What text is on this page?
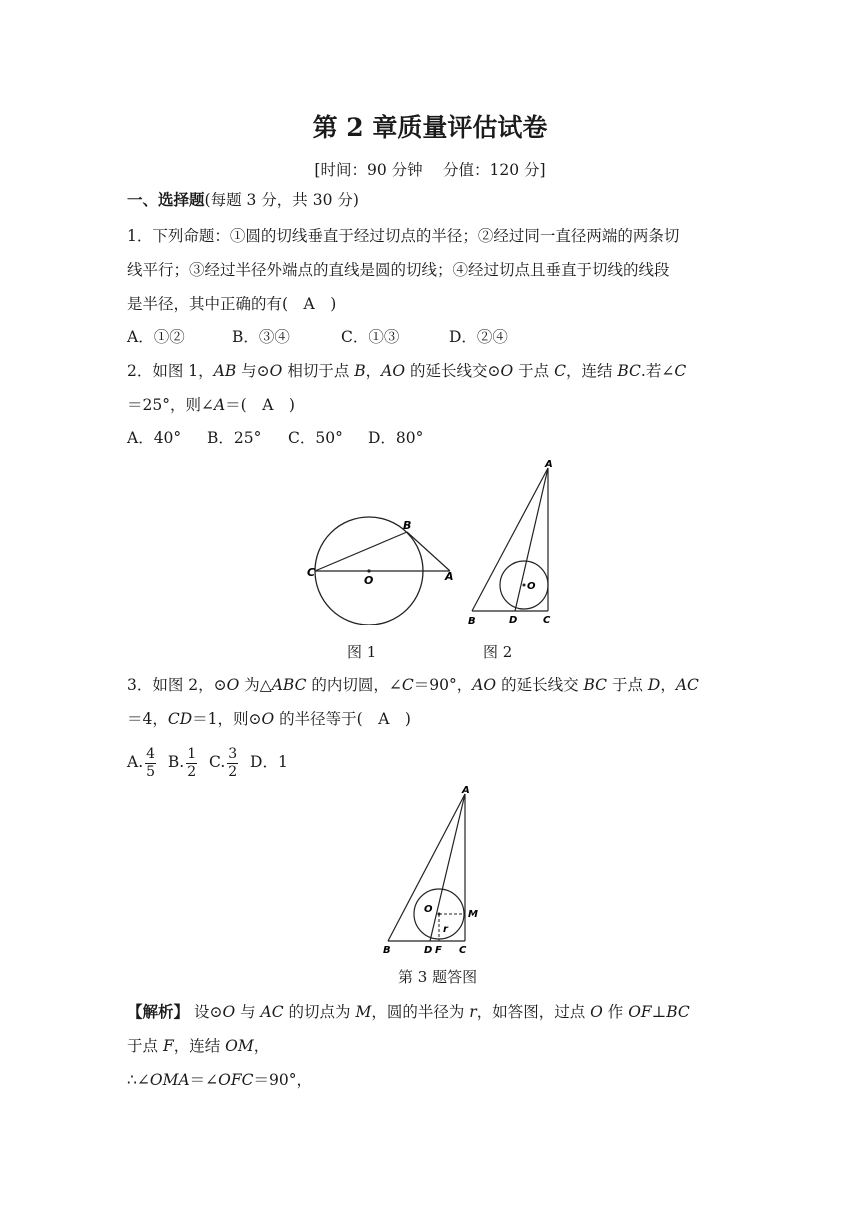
第 2 章质量评估试卷
[时间：90 分钟　 分值：120 分]
一、选择题(每题 3 分，共 30 分)
1．下列命题：①圆的切线垂直于经过切点的半径；②经过同一直径两端的两条切
线平行；③经过半径外端点的直线是圆的切线；④经过切点且垂直于切线的线段
是半径，其中正确的有(　A　)
A．①②	B．③④	C．①③	D．②④
2．如图 1，AB 与⊙O 相切于点 B，AO 的延长线交⊙O 于点 C，连结 BC.若∠C
＝25°，则∠A＝(　A　)
A．40° B．25° C．50° D．80°
B
C
O	A
A
O
B	D	C
图 1	图 2
3．如图 2，⊙O 为△ABC 的内切圆，∠C＝90°，AO 的延长线交 BC 于点 D，AC
＝4，CD＝1，则⊙O 的半径等于(　A　)
A. $\frac{4}{5} B$. $\frac{1}{2} C$. $\frac{3}{2}$ D．1
A
O	M
r
B	D F C
第 3 题答图
【解析】 设⊙O 与 AC 的切点为 M，圆的半径为 r，如答图，过点 O 作 OF⊥BC
于点 F，连结 OM，
∴∠OMA＝∠OFC＝90°，
